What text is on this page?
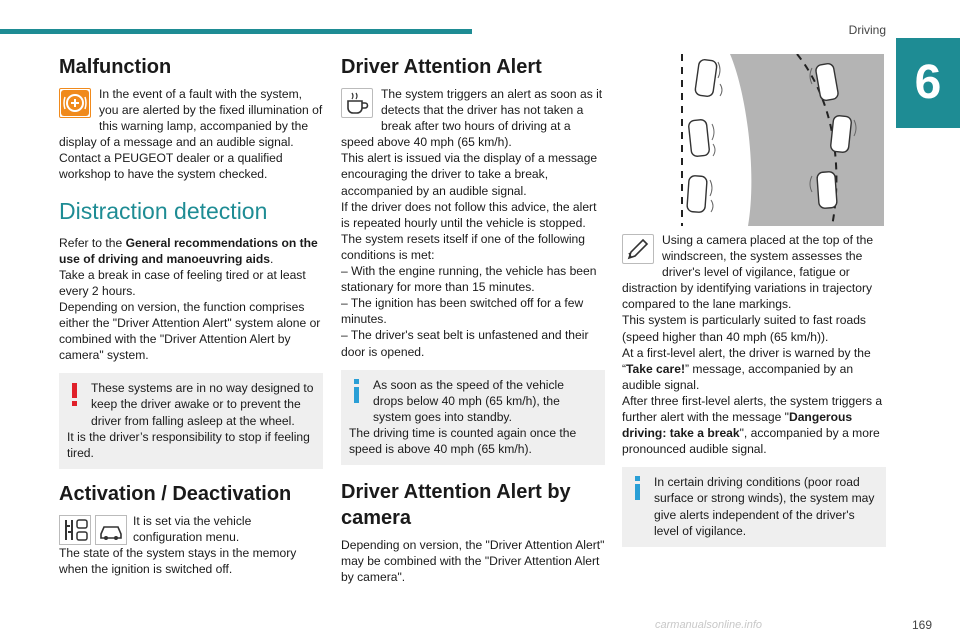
Driving
6
Malfunction

In the event of a fault with the system, you are alerted by the fixed illumination of this warning lamp, accompanied by the display of a message and an audible signal.

Contact a PEUGEOT dealer or a qualified workshop to have the system checked.

Distraction detection

Refer to the General recommendations on the use of driving and manoeuvring aids.

Take a break in case of feeling tired or at least every 2 hours.

Depending on version, the function comprises either the "Driver Attention Alert" system alone or combined with the "Driver Attention Alert by camera" system.

These systems are in no way designed to keep the driver awake or to prevent the driver from falling asleep at the wheel.

It is the driver’s responsibility to stop if feeling tired.

Activation / Deactivation

It is set via the vehicle configuration menu.

The state of the system stays in the memory when the ignition is switched off.

Driver Attention Alert

The system triggers an alert as soon as it detects that the driver has not taken a break after two hours of driving at a speed above 40 mph (65 km/h).

This alert is issued via the display of a message encouraging the driver to take a break, accompanied by an audible signal.

If the driver does not follow this advice, the alert is repeated hourly until the vehicle is stopped.

The system resets itself if one of the following conditions is met:

– With the engine running, the vehicle has been stationary for more than 15 minutes.

– The ignition has been switched off for a few minutes.

– The driver's seat belt is unfastened and their door is opened.

As soon as the speed of the vehicle drops below 40 mph (65 km/h), the system goes into standby.

The driving time is counted again once the speed is above 40 mph (65 km/h).

Driver Attention Alert by camera

Depending on version, the "Driver Attention Alert" may be combined with the "Driver Attention Alert by camera".

Using a camera placed at the top of the windscreen, the system assesses the driver's level of vigilance, fatigue or distraction by identifying variations in trajectory compared to the lane markings.

This system is particularly suited to fast roads (speed higher than 40 mph (65 km/h)).

At a first-level alert, the driver is warned by the “Take care!” message, accompanied by an audible signal.

After three first-level alerts, the system triggers a further alert with the message "Dangerous driving: take a break", accompanied by a more pronounced audible signal.

In certain driving conditions (poor road surface or strong winds), the system may give alerts independent of the driver's level of vigilance.

carmanualsonline.info	169
